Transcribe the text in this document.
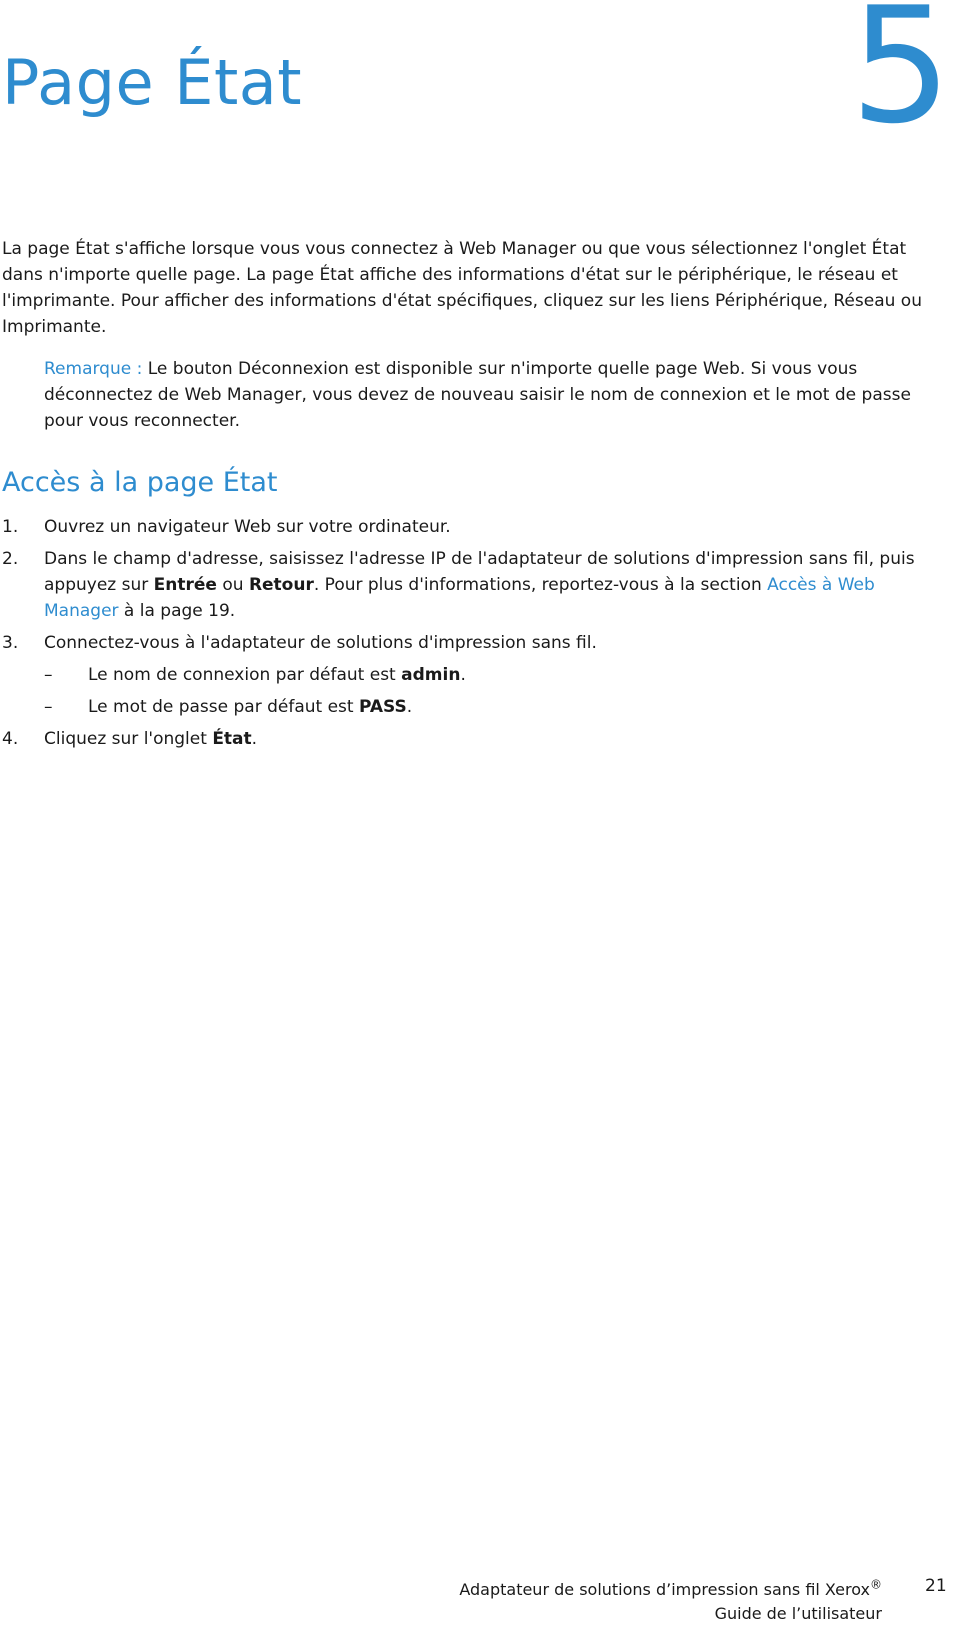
Page État	5

La page État s'affiche lorsque vous vous connectez à Web Manager ou que vous sélectionnez l'onglet État dans n'importe quelle page. La page État affiche des informations d'état sur le périphérique, le réseau et l'imprimante. Pour afficher des informations d'état spécifiques, cliquez sur les liens Périphérique, Réseau ou Imprimante.

Remarque : Le bouton Déconnexion est disponible sur n'importe quelle page Web. Si vous vous déconnectez de Web Manager, vous devez de nouveau saisir le nom de connexion et le mot de passe pour vous reconnecter.

Accès à la page État
1. Ouvrez un navigateur Web sur votre ordinateur.
2. Dans le champ d'adresse, saisissez l'adresse IP de l'adaptateur de solutions d'impression sans fil, puis appuyez sur Entrée ou Retour. Pour plus d'informations, reportez-vous à la section Accès à Web Manager à la page 19.
3. Connectez-vous à l'adaptateur de solutions d'impression sans fil.
– Le nom de connexion par défaut est admin.
– Le mot de passe par défaut est PASS.
4. Cliquez sur l'onglet État.
Adaptateur de solutions d’impression sans fil Xerox®
Guide de l’utilisateur
21
